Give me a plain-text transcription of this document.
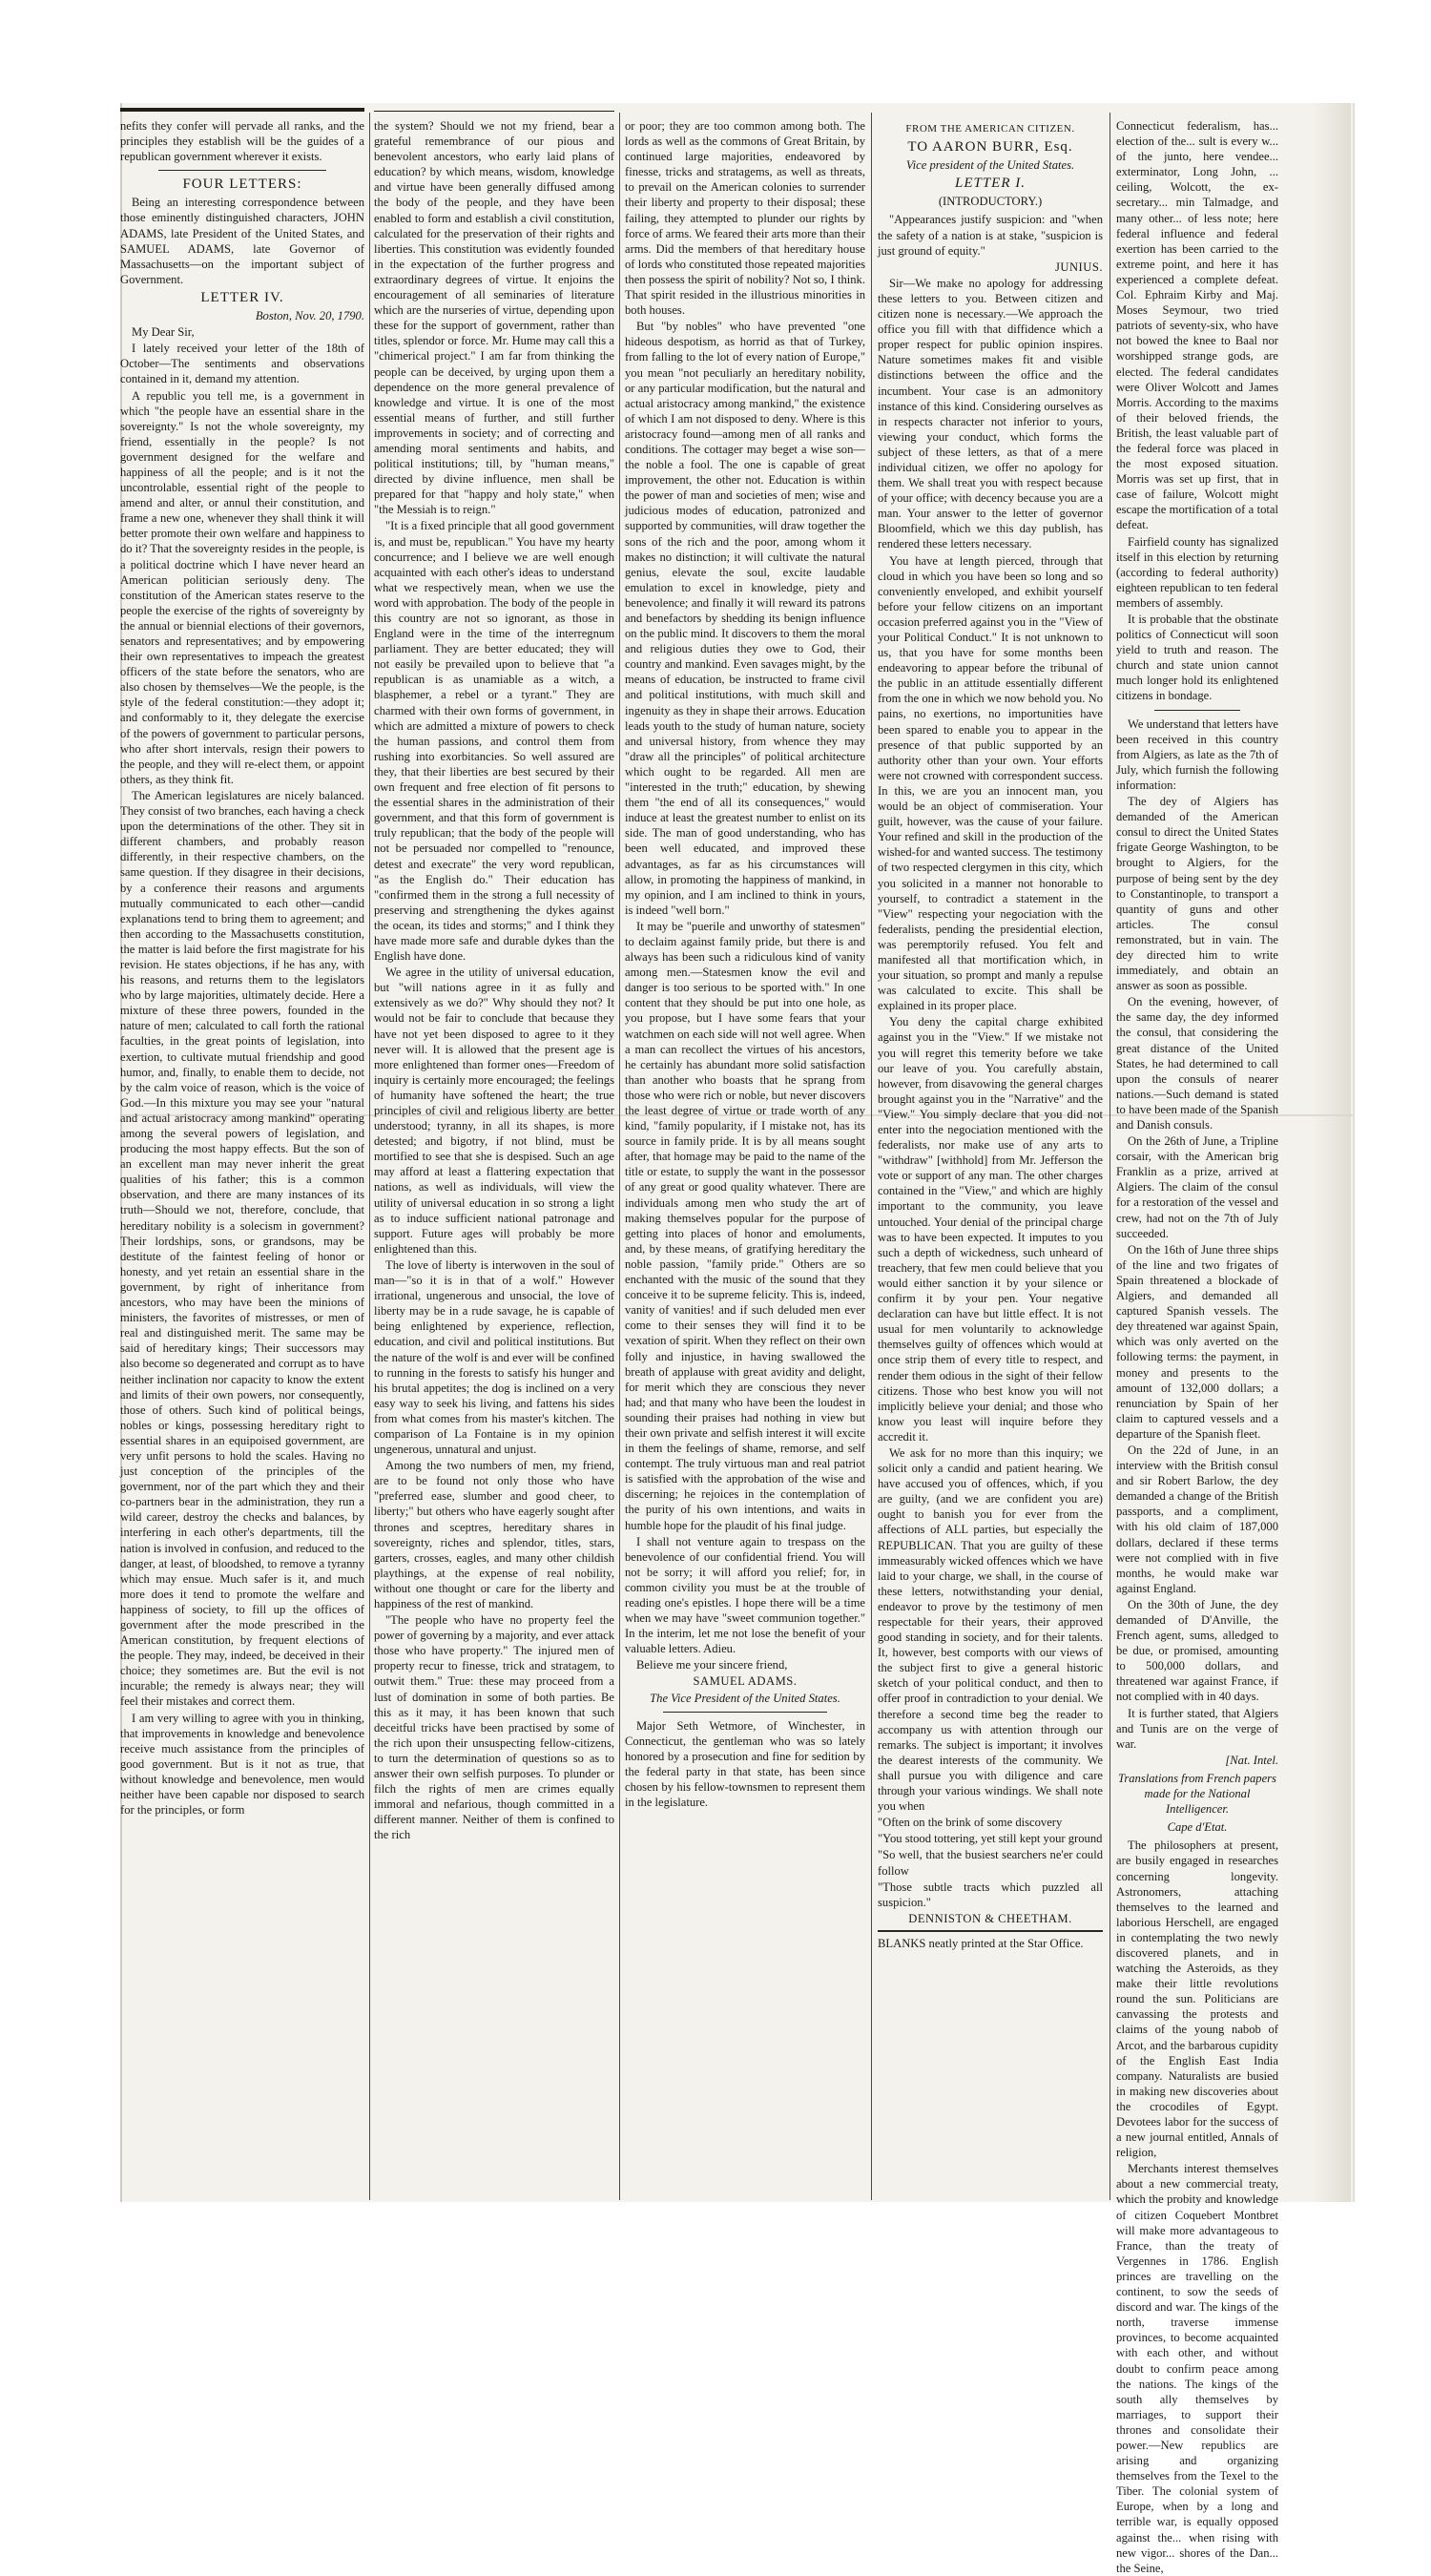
nefits they confer will pervade all ranks, and the principles they establish will be the guides of a republican government wherever it exists.

FOUR LETTERS:

Being an interesting correspondence between those eminently distinguished characters, JOHN ADAMS, late President of the United States, and SAMUEL ADAMS, late Governor of Massachusetts—on the important subject of Government.

LETTER IV.

Boston, Nov. 20, 1790.

My Dear Sir,

I lately received your letter of the 18th of October—The sentiments and observations contained in it, demand my attention.

A republic you tell me, is a government in which "the people have an essential share in the sovereignty." Is not the whole sovereignty, my friend, essentially in the people? Is not government designed for the welfare and happiness of all the people; and is it not the uncontrolable, essential right of the people to amend and alter, or annul their constitution, and frame a new one, whenever they shall think it will better promote their own welfare and happiness to do it? That the sovereignty resides in the people, is a political doctrine which I have never heard an American politician seriously deny. The constitution of the American states reserve to the people the exercise of the rights of sovereignty by the annual or biennial elections of their governors, senators and representatives; and by empowering their own representatives to impeach the greatest officers of the state before the senators, who are also chosen by themselves—We the people, is the style of the federal constitution:—they adopt it; and conformably to it, they delegate the exercise of the powers of government to particular persons, who after short intervals, resign their powers to the people, and they will re-elect them, or appoint others, as they think fit.

The American legislatures are nicely balanced. They consist of two branches, each having a check upon the determinations of the other. They sit in different chambers, and probably reason differently, in their respective chambers, on the same question. If they disagree in their decisions, by a conference their reasons and arguments mutually communicated to each other—candid explanations tend to bring them to agreement; and then according to the Massachusetts constitution, the matter is laid before the first magistrate for his revision. He states objections, if he has any, with his reasons, and returns them to the legislators who by large majorities, ultimately decide. Here a mixture of these three powers, founded in the nature of men; calculated to call forth the rational faculties, in the great points of legislation, into exertion, to cultivate mutual friendship and good humor, and, finally, to enable them to decide, not by the calm voice of reason, which is the voice of God.—In this mixture you may see your "natural and actual aristocracy among mankind" operating among the several powers of legislation, and producing the most happy effects. But the son of an excellent man may never inherit the great qualities of his father; this is a common observation, and there are many instances of its truth—Should we not, therefore, conclude, that hereditary nobility is a solecism in government? Their lordships, sons, or grandsons, may be destitute of the faintest feeling of honor or honesty, and yet retain an essential share in the government, by right of inheritance from ancestors, who may have been the minions of ministers, the favorites of mistresses, or men of real and distinguished merit. The same may be said of hereditary kings; Their successors may also become so degenerated and corrupt as to have neither inclination nor capacity to know the extent and limits of their own powers, nor consequently, those of others. Such kind of political beings, nobles or kings, possessing hereditary right to essential shares in an equipoised government, are very unfit persons to hold the scales. Having no just conception of the principles of the government, nor of the part which they and their co-partners bear in the administration, they run a wild career, destroy the checks and balances, by interfering in each other's departments, till the nation is involved in confusion, and reduced to the danger, at least, of bloodshed, to remove a tyranny which may ensue. Much safer is it, and much more does it tend to promote the welfare and happiness of society, to fill up the offices of government after the mode prescribed in the American constitution, by frequent elections of the people. They may, indeed, be deceived in their choice; they sometimes are. But the evil is not incurable; the remedy is always near; they will feel their mistakes and correct them.

I am very willing to agree with you in thinking, that improvements in knowledge and benevolence receive much assistance from the principles of good government. But is it not as true, that without knowledge and benevolence, men would neither have been capable nor disposed to search for the principles, or form

the system? Should we not my friend, bear a grateful remembrance of our pious and benevolent ancestors, who early laid plans of education? by which means, wisdom, knowledge and virtue have been generally diffused among the body of the people, and they have been enabled to form and establish a civil constitution, calculated for the preservation of their rights and liberties. This constitution was evidently founded in the expectation of the further progress and extraordinary degrees of virtue. It enjoins the encouragement of all seminaries of literature which are the nurseries of virtue, depending upon these for the support of government, rather than titles, splendor or force. Mr. Hume may call this a "chimerical project." I am far from thinking the people can be deceived, by urging upon them a dependence on the more general prevalence of knowledge and virtue. It is one of the most essential means of further, and still further improvements in society; and of correcting and amending moral sentiments and habits, and political institutions; till, by "human means," directed by divine influence, men shall be prepared for that "happy and holy state," when "the Messiah is to reign."

"It is a fixed principle that all good government is, and must be, republican." You have my hearty concurrence; and I believe we are well enough acquainted with each other's ideas to understand what we respectively mean, when we use the word with approbation. The body of the people in this country are not so ignorant, as those in England were in the time of the interregnum parliament. They are better educated; they will not easily be prevailed upon to believe that "a republican is as unamiable as a witch, a blasphemer, a rebel or a tyrant." They are charmed with their own forms of government, in which are admitted a mixture of powers to check the human passions, and control them from rushing into exorbitancies. So well assured are they, that their liberties are best secured by their own frequent and free election of fit persons to the essential shares in the administration of their government, and that this form of government is truly republican; that the body of the people will not be persuaded nor compelled to "renounce, detest and execrate" the very word republican, "as the English do." Their education has "confirmed them in the strong a full necessity of preserving and strengthening the dykes against the ocean, its tides and storms;" and I think they have made more safe and durable dykes than the English have done.

We agree in the utility of universal education, but "will nations agree in it as fully and extensively as we do?" Why should they not? It would not be fair to conclude that because they have not yet been disposed to agree to it they never will. It is allowed that the present age is more enlightened than former ones—Freedom of inquiry is certainly more encouraged; the feelings of humanity have softened the heart; the true principles of civil and religious liberty are better understood; tyranny, in all its shapes, is more detested; and bigotry, if not blind, must be mortified to see that she is despised. Such an age may afford at least a flattering expectation that nations, as well as individuals, will view the utility of universal education in so strong a light as to induce sufficient national patronage and support. Future ages will probably be more enlightened than this.

The love of liberty is interwoven in the soul of man—"so it is in that of a wolf." However irrational, ungenerous and unsocial, the love of liberty may be in a rude savage, he is capable of being enlightened by experience, reflection, education, and civil and political institutions. But the nature of the wolf is and ever will be confined to running in the forests to satisfy his hunger and his brutal appetites; the dog is inclined on a very easy way to seek his living, and fattens his sides from what comes from his master's kitchen. The comparison of La Fontaine is in my opinion ungenerous, unnatural and unjust.

Among the two numbers of men, my friend, are to be found not only those who have "preferred ease, slumber and good cheer, to liberty;" but others who have eagerly sought after thrones and sceptres, hereditary shares in sovereignty, riches and splendor, titles, stars, garters, crosses, eagles, and many other childish playthings, at the expense of real nobility, without one thought or care for the liberty and happiness of the rest of mankind.

"The people who have no property feel the power of governing by a majority, and ever attack those who have property." The injured men of property recur to finesse, trick and stratagem, to outwit them." True: these may proceed from a lust of domination in some of both parties. Be this as it may, it has been known that such deceitful tricks have been practised by some of the rich upon their unsuspecting fellow-citizens, to turn the determination of questions so as to answer their own selfish purposes. To plunder or filch the rights of men are crimes equally immoral and nefarious, though committed in a different manner. Neither of them is confined to the rich

or poor; they are too common among both. The lords as well as the commons of Great Britain, by continued large majorities, endeavored by finesse, tricks and stratagems, as well as threats, to prevail on the American colonies to surrender their liberty and property to their disposal; these failing, they attempted to plunder our rights by force of arms. We feared their arts more than their arms. Did the members of that hereditary house of lords who constituted those repeated majorities then possess the spirit of nobility? Not so, I think. That spirit resided in the illustrious minorities in both houses.

But "by nobles" who have prevented "one hideous despotism, as horrid as that of Turkey, from falling to the lot of every nation of Europe," you mean "not peculiarly an hereditary nobility, or any particular modification, but the natural and actual aristocracy among mankind," the existence of which I am not disposed to deny. Where is this aristocracy found—among men of all ranks and conditions. The cottager may beget a wise son—the noble a fool. The one is capable of great improvement, the other not. Education is within the power of man and societies of men; wise and judicious modes of education, patronized and supported by communities, will draw together the sons of the rich and the poor, among whom it makes no distinction; it will cultivate the natural genius, elevate the soul, excite laudable emulation to excel in knowledge, piety and benevolence; and finally it will reward its patrons and benefactors by shedding its benign influence on the public mind. It discovers to them the moral and religious duties they owe to God, their country and mankind. Even savages might, by the means of education, be instructed to frame civil and political institutions, with much skill and ingenuity as they in shape their arrows. Education leads youth to the study of human nature, society and universal history, from whence they may "draw all the principles" of political architecture which ought to be regarded. All men are "interested in the truth;" education, by shewing them "the end of all its consequences," would induce at least the greatest number to enlist on its side. The man of good understanding, who has been well educated, and improved these advantages, as far as his circumstances will allow, in promoting the happiness of mankind, in my opinion, and I am inclined to think in yours, is indeed "well born."

It may be "puerile and unworthy of statesmen" to declaim against family pride, but there is and always has been such a ridiculous kind of vanity among men.—Statesmen know the evil and danger is too serious to be sported with." In one content that they should be put into one hole, as you propose, but I have some fears that your watchmen on each side will not well agree. When a man can recollect the virtues of his ancestors, he certainly has abundant more solid satisfaction than another who boasts that he sprang from those who were rich or noble, but never discovers the least degree of virtue or trade worth of any kind, "family popularity, if I mistake not, has its source in family pride. It is by all means sought after, that homage may be paid to the name of the title or estate, to supply the want in the possessor of any great or good quality whatever. There are individuals among men who study the art of making themselves popular for the purpose of getting into places of honor and emoluments, and, by these means, of gratifying hereditary the noble passion, "family pride." Others are so enchanted with the music of the sound that they conceive it to be supreme felicity. This is, indeed, vanity of vanities! and if such deluded men ever come to their senses they will find it to be vexation of spirit. When they reflect on their own folly and injustice, in having swallowed the breath of applause with great avidity and delight, for merit which they are conscious they never had; and that many who have been the loudest in sounding their praises had nothing in view but their own private and selfish interest it will excite in them the feelings of shame, remorse, and self contempt. The truly virtuous man and real patriot is satisfied with the approbation of the wise and discerning; he rejoices in the contemplation of the purity of his own intentions, and waits in humble hope for the plaudit of his final judge.

I shall not venture again to trespass on the benevolence of our confidential friend. You will not be sorry; it will afford you relief; for, in common civility you must be at the trouble of reading one's epistles. I hope there will be a time when we may have "sweet communion together." In the interim, let me not lose the benefit of your valuable letters. Adieu.

Believe me your sincere friend,

SAMUEL ADAMS.

The Vice President of the United States.

Major Seth Wetmore, of Winchester, in Connecticut, the gentleman who was so lately honored by a prosecution and fine for sedition by the federal party in that state, has been since chosen by his fellow-townsmen to represent them in the legislature.

FROM THE AMERICAN CITIZEN.

TO AARON BURR, Esq.

Vice president of the United States.

LETTER I.

(INTRODUCTORY.)

"Appearances justify suspicion: and "when the safety of a nation is at stake, "suspicion is just ground of equity."

JUNIUS.

Sir—We make no apology for addressing these letters to you. Between citizen and citizen none is necessary.—We approach the office you fill with that diffidence which a proper respect for public opinion inspires. Nature sometimes makes fit and visible distinctions between the office and the incumbent. Your case is an admonitory instance of this kind. Considering ourselves as in respects character not inferior to yours, viewing your conduct, which forms the subject of these letters, as that of a mere individual citizen, we offer no apology for them. We shall treat you with respect because of your office; with decency because you are a man. Your answer to the letter of governor Bloomfield, which we this day publish, has rendered these letters necessary.

You have at length pierced, through that cloud in which you have been so long and so conveniently enveloped, and exhibit yourself before your fellow citizens on an important occasion preferred against you in the "View of your Political Conduct." It is not unknown to us, that you have for some months been endeavoring to appear before the tribunal of the public in an attitude essentially different from the one in which we now behold you. No pains, no exertions, no importunities have been spared to enable you to appear in the presence of that public supported by an authority other than your own. Your efforts were not crowned with correspondent success. In this, we are you an innocent man, you would be an object of commiseration. Your guilt, however, was the cause of your failure. Your refined and skill in the production of the wished-for and wanted success. The testimony of two respected clergymen in this city, which you solicited in a manner not honorable to yourself, to contradict a statement in the "View" respecting your negociation with the federalists, pending the presidential election, was peremptorily refused. You felt and manifested all that mortification which, in your situation, so prompt and manly a repulse was calculated to excite. This shall be explained in its proper place.

You deny the capital charge exhibited against you in the "View." If we mistake not you will regret this temerity before we take our leave of you. You carefully abstain, however, from disavowing the general charges brought against you in the "Narrative" and the "View." You simply declare that you did not enter into the negociation mentioned with the federalists, nor make use of any arts to "withdraw" [withhold] from Mr. Jefferson the vote or support of any man. The other charges contained in the "View," and which are highly important to the community, you leave untouched. Your denial of the principal charge was to have been expected. It imputes to you such a depth of wickedness, such unheard of treachery, that few men could believe that you would either sanction it by your silence or confirm it by your pen. Your negative declaration can have but little effect. It is not usual for men voluntarily to acknowledge themselves guilty of offences which would at once strip them of every title to respect, and render them odious in the sight of their fellow citizens. Those who best know you will not implicitly believe your denial; and those who know you least will inquire before they accredit it.

We ask for no more than this inquiry; we solicit only a candid and patient hearing. We have accused you of offences, which, if you are guilty, (and we are confident you are) ought to banish you for ever from the affections of ALL parties, but especially the REPUBLICAN. That you are guilty of these immeasurably wicked offences which we have laid to your charge, we shall, in the course of these letters, notwithstanding your denial, endeavor to prove by the testimony of men respectable for their years, their approved good standing in society, and for their talents. It, however, best comports with our views of the subject first to give a general historic sketch of your political conduct, and then to offer proof in contradiction to your denial. We therefore a second time beg the reader to accompany us with attention through our remarks. The subject is important; it involves the dearest interests of the community. We shall pursue you with diligence and care through your various windings. We shall note you when

"Often on the brink of some discovery

"You stood tottering, yet still kept your ground

"So well, that the busiest searchers ne'er could follow

"Those subtle tracts which puzzled all suspicion."

DENNISTON & CHEETHAM.

BLANKS neatly printed at the Star Office.

Connecticut federalism, has... election of the... sult is every w... of the junto, here vendee... exterminator, Long John, ... ceiling, Wolcott, the ex-secretary... min Talmadge, and many other... of less note; here federal influence and federal exertion has been carried to the extreme point, and here it has experienced a complete defeat. Col. Ephraim Kirby and Maj. Moses Seymour, two tried patriots of seventy-six, who have not bowed the knee to Baal nor worshipped strange gods, are elected. The federal candidates were Oliver Wolcott and James Morris. According to the maxims of their beloved friends, the British, the least valuable part of the federal force was placed in the most exposed situation. Morris was set up first, that in case of failure, Wolcott might escape the mortification of a total defeat.

Fairfield county has signalized itself in this election by returning (according to federal authority) eighteen republican to ten federal members of assembly.

It is probable that the obstinate politics of Connecticut will soon yield to truth and reason. The church and state union cannot much longer hold its enlightened citizens in bondage.

We understand that letters have been received in this country from Algiers, as late as the 7th of July, which furnish the following information:

The dey of Algiers has demanded of the American consul to direct the United States frigate George Washington, to be brought to Algiers, for the purpose of being sent by the dey to Constantinople, to transport a quantity of guns and other articles. The consul remonstrated, but in vain. The dey directed him to write immediately, and obtain an answer as soon as possible.

On the evening, however, of the same day, the dey informed the consul, that considering the great distance of the United States, he had determined to call upon the consuls of nearer nations.—Such demand is stated to have been made of the Spanish and Danish consuls.

On the 26th of June, a Tripline corsair, with the American brig Franklin as a prize, arrived at Algiers. The claim of the consul for a restoration of the vessel and crew, had not on the 7th of July succeeded.

On the 16th of June three ships of the line and two frigates of Spain threatened a blockade of Algiers, and demanded all captured Spanish vessels. The dey threatened war against Spain, which was only averted on the following terms: the payment, in money and presents to the amount of 132,000 dollars; a renunciation by Spain of her claim to captured vessels and a departure of the Spanish fleet.

On the 22d of June, in an interview with the British consul and sir Robert Barlow, the dey demanded a change of the British passports, and a compliment, with his old claim of 187,000 dollars, declared if these terms were not complied with in five months, he would make war against England.

On the 30th of June, the dey demanded of D'Anville, the French agent, sums, alledged to be due, or promised, amounting to 500,000 dollars, and threatened war against France, if not complied with in 40 days.

It is further stated, that Algiers and Tunis are on the verge of war.

[Nat. Intel.

Translations from French papers made for the National Intelligencer.

Cape d'Etat.

The philosophers at present, are busily engaged in researches concerning longevity. Astronomers, attaching themselves to the learned and laborious Herschell, are engaged in contemplating the two newly discovered planets, and in watching the Asteroids, as they make their little revolutions round the sun. Politicians are canvassing the protests and claims of the young nabob of Arcot, and the barbarous cupidity of the English East India company. Naturalists are busied in making new discoveries about the crocodiles of Egypt. Devotees labor for the success of a new journal entitled, Annals of religion,

Merchants interest themselves about a new commercial treaty, which the probity and knowledge of citizen Coquebert Montbret will make more advantageous to France, than the treaty of Vergennes in 1786. English princes are travelling on the continent, to sow the seeds of discord and war. The kings of the north, traverse immense provinces, to become acquainted with each other, and without doubt to confirm peace among the nations. The kings of the south ally themselves by marriages, to support their thrones and consolidate their power.—New republics are arising and organizing themselves from the Texel to the Tiber. The colonial system of Europe, when by a long and terrible war, is equally opposed against the... when rising with new vigor... shores of the Dan... the Seine,
